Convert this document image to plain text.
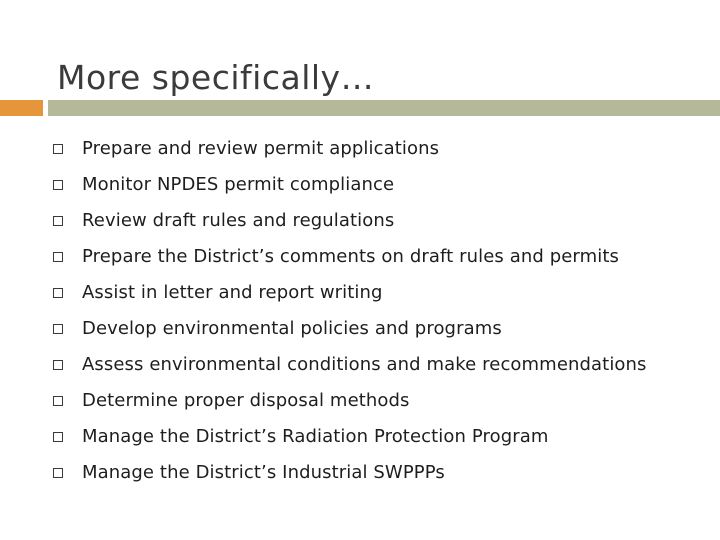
More specifically…
Prepare and review permit applications
Monitor NPDES permit compliance
Review draft rules and regulations
Prepare the District’s comments on draft rules and permits
Assist in letter and report writing
Develop environmental policies and programs
Assess environmental conditions and make recommendations
Determine proper disposal methods
Manage the District’s Radiation Protection Program
Manage the District’s Industrial SWPPPs
